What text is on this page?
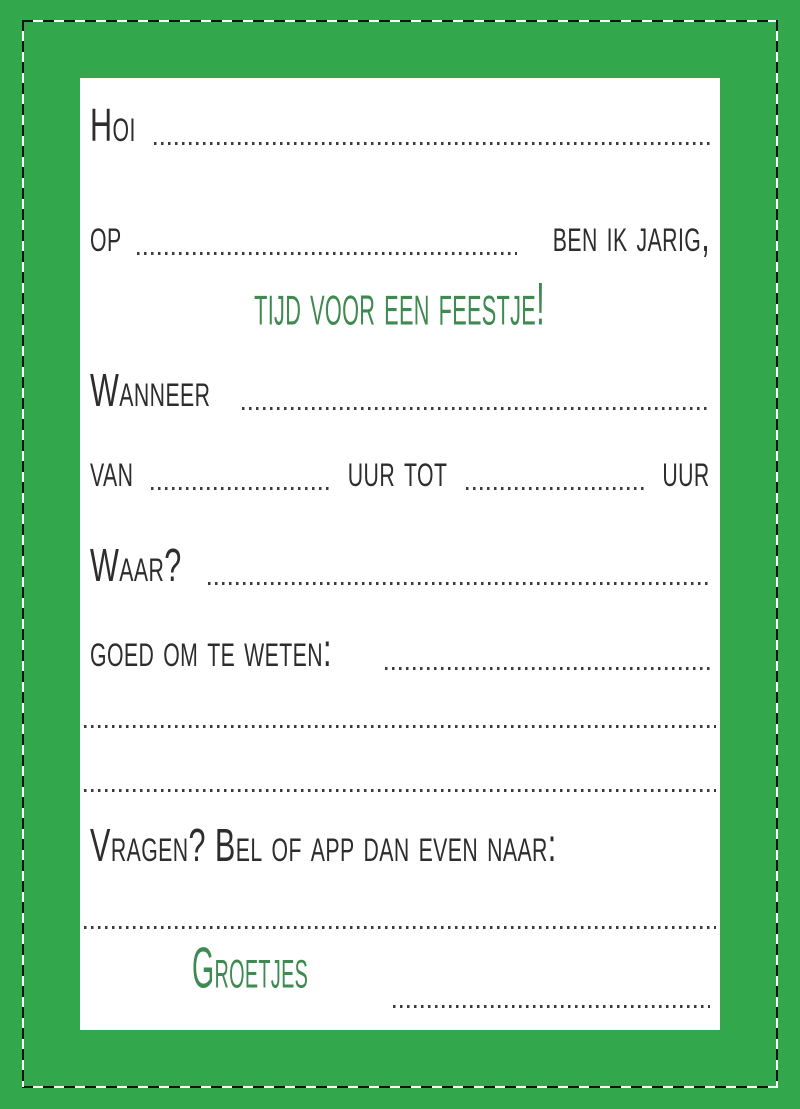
Hoi
op	ben ik jarig,
tijd voor een feestje!
Wanneer
van	uur tot	uur
Waar?
goed om te weten:
Vragen? Bel of app dan even naar:
Groetjes
